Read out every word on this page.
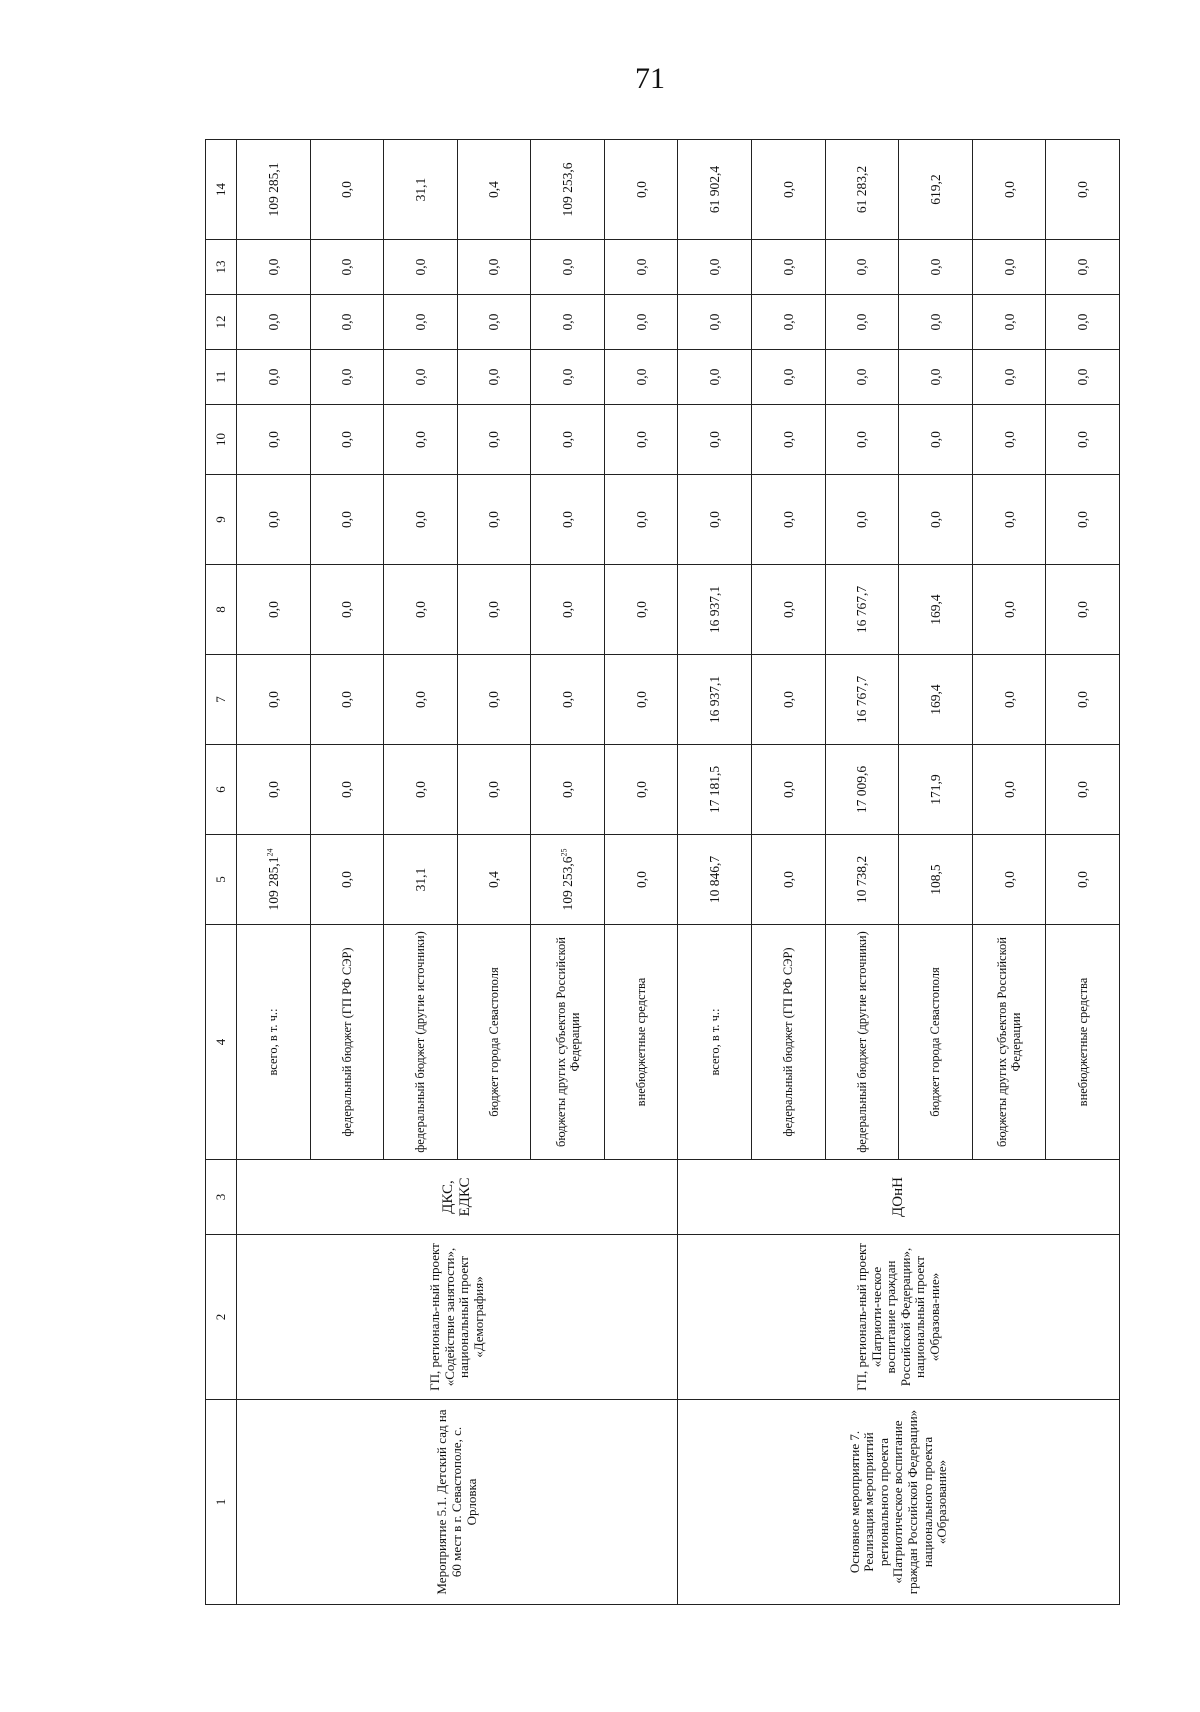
71
1	2	3	4	5	6	7	8	9	10	11	12	13	14
Мероприятие 5.1. Детский сад на 60 мест в г. Севастополе, с. Орловка	ГП, региональ-ный проект «Содействие занятости», национальный проект «Демография»	ДКС, ЕДКС	всего, в т. ч.:	109 285,1$^{24}$	0,0	0,0	0,0	0,0	0,0	0,0	0,0	0,0	109 285,1
			федеральный бюджет (ГП РФ СЭР)	0,0	0,0	0,0	0,0	0,0	0,0	0,0	0,0	0,0	0,0
			федеральный бюджет (другие источники)	31,1	0,0	0,0	0,0	0,0	0,0	0,0	0,0	0,0	31,1
			бюджет города Севастополя	0,4	0,0	0,0	0,0	0,0	0,0	0,0	0,0	0,0	0,4
			бюджеты других субъектов Российской Федерации	109 253,6$^{25}$	0,0	0,0	0,0	0,0	0,0	0,0	0,0	0,0	109 253,6
			внебюджетные средства	0,0	0,0	0,0	0,0	0,0	0,0	0,0	0,0	0,0	0,0
Основное мероприятие 7. Реализация мероприятий регионального проекта «Патриотическое воспитание граждан Российской Федерации» национального проекта «Образование»	ГП, региональ-ный проект «Патриоти-ческое воспитание граждан Российской Федерации», национальный проект «Образова-ние»	ДОнН	всего, в т. ч.:	10 846,7	17 181,5	16 937,1	16 937,1	0,0	0,0	0,0	0,0	0,0	61 902,4
			федеральный бюджет (ГП РФ СЭР)	0,0	0,0	0,0	0,0	0,0	0,0	0,0	0,0	0,0	0,0
			федеральный бюджет (другие источники)	10 738,2	17 009,6	16 767,7	16 767,7	0,0	0,0	0,0	0,0	0,0	61 283,2
			бюджет города Севастополя	108,5	171,9	169,4	169,4	0,0	0,0	0,0	0,0	0,0	619,2
			бюджеты других субъектов Российской Федерации	0,0	0,0	0,0	0,0	0,0	0,0	0,0	0,0	0,0	0,0
			внебюджетные средства	0,0	0,0	0,0	0,0	0,0	0,0	0,0	0,0	0,0	0,0
